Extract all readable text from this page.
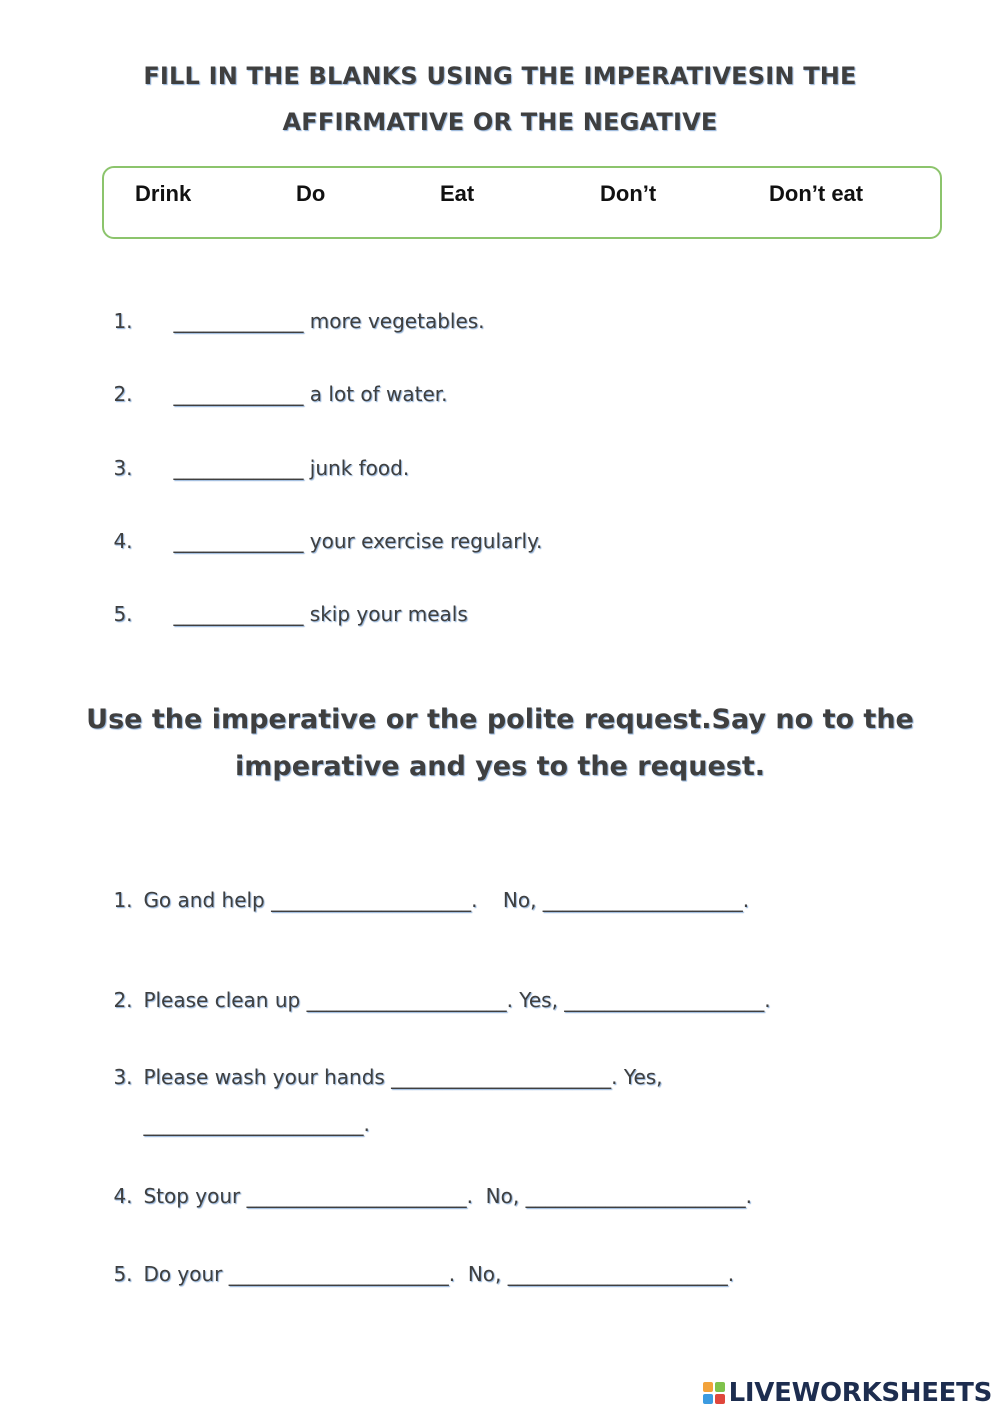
FILL IN THE BLANKS USING THE IMPERATIVESIN THE
AFFIRMATIVE OR THE NEGATIVE
Drink	Do	Eat	Don’t	Don’t eat

1. _____________ more vegetables.

2. _____________ a lot of water.

3. _____________ junk food.

4. _____________ your exercise regularly.

5. _____________ skip your meals

Use the imperative or the polite request.Say no to the
imperative and yes to the request.

1. Go and help ____________________.    No, ____________________.

2. Please clean up ____________________. Yes, ____________________.

3. Please wash your hands ______________________. Yes,

______________________.

4. Stop your ______________________.  No, ______________________.

5. Do your ______________________.  No, ______________________.

LIVEWORKSHEETS
